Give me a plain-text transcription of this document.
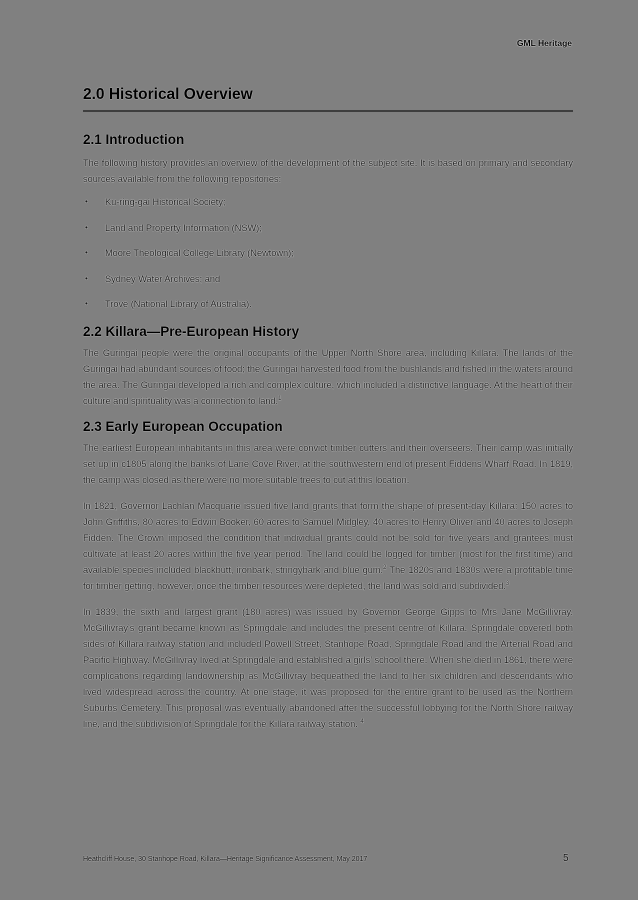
GML Heritage
2.0 Historical Overview
2.1 Introduction

The following history provides an overview of the development of the subject site. It is based on primary and secondary sources available from the following repositories:

• Ku-ring-gai Historical Society;
• Land and Property Information (NSW);
• Moore Theological College Library (Newtown);
• Sydney Water Archives; and
• Trove (National Library of Australia).
2.2 Killara—Pre-European History

The Guringai people were the original occupants of the Upper North Shore area, including Killara. The lands of the Guringai had abundant sources of food; the Guringai harvested food from the bushlands and fished in the waters around the area. The Guringai developed a rich and complex culture, which included a distinctive language. At the heart of their culture and spirituality was a connection to land.$^1$

2.3 Early European Occupation

The earliest European inhabitants in this area were convict timber cutters and their overseers. Their camp was initially set up in c1805 along the banks of Lane Cove River, at the southwestern end of present Fiddens Wharf Road. In 1819, the camp was closed as there were no more suitable trees to cut at this location.

In 1821, Governor Lachlan Macquarie issued five land grants that form the shape of present-day Killara: 150 acres to John Griffiths, 80 acres to Edwin Booker, 60 acres to Samuel Midgley, 40 acres to Henry Oliver and 40 acres to Joseph Fidden. The Crown imposed the condition that individual grants could not be sold for five years and grantees must cultivate at least 20 acres within the five year period. The land could be logged for timber (most for the first time) and available species included blackbutt, ironbark, stringybark and blue gum.$^2$ The 1820s and 1830s were a profitable time for timber getting, however, once the timber resources were depleted, the land was sold and subdivided.$^3$

In 1839, the sixth and largest grant (180 acres) was issued by Governor George Gipps to Mrs Jane McGillivray. McGillivray’s grant became known as Springdale and includes the present centre of Killara. Springdale covered both sides of Killara railway station and included Powell Street, Stanhope Road, Springdale Road and the Arterial Road and Pacific Highway. McGillivray lived at Springdale and established a girls’ school there. When she died in 1861, there were complications regarding landownership as McGillivray bequeathed the land to her six children and descendants who lived widespread across the country. At one stage, it was proposed for the entire grant to be used as the Northern Suburbs Cemetery. This proposal was eventually abandoned after the successful lobbying for the North Shore railway line, and the subdivision of Springdale for the Killara railway station. $^4$

Heathcliff House, 30 Stanhope Road, Killara—Heritage Significance Assessment, May 2017	5
